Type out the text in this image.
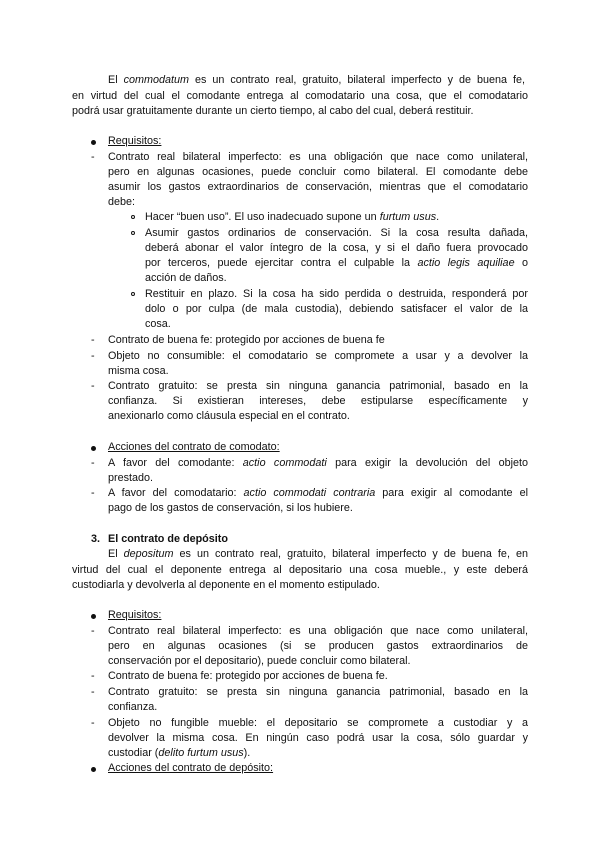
El commodatum es un contrato real, gratuito, bilateral imperfecto y de buena fe,
en virtud del cual el comodante entrega al comodatario una cosa, que el comodatario
podrá usar gratuitamente durante un cierto tiempo, al cabo del cual, deberá restituir.
Requisitos:
- Contrato real bilateral imperfecto: es una obligación que nace como unilateral,
pero en algunas ocasiones, puede concluir como bilateral. El comodante debe
asumir los gastos extraordinarios de conservación, mientras que el comodatario
debe:
Hacer “buen uso”. El uso inadecuado supone un furtum usus.
Asumir gastos ordinarios de conservación. Si la cosa resulta dañada,
deberá abonar el valor íntegro de la cosa, y si el daño fuera provocado
por terceros, puede ejercitar contra el culpable la actio legis aquiliae o
acción de daños.
Restituir en plazo. Si la cosa ha sido perdida o destruida, responderá por
dolo o por culpa (de mala custodia), debiendo satisfacer el valor de la
cosa.
- Contrato de buena fe: protegido por acciones de buena fe
- Objeto no consumible: el comodatario se compromete a usar y a devolver la
misma cosa.
- Contrato gratuito: se presta sin ninguna ganancia patrimonial, basado en la
confianza. Si existieran intereses, debe estipularse específicamente y
anexionarlo como cláusula especial en el contrato.
Acciones del contrato de comodato:
- A favor del comodante: actio commodati para exigir la devolución del objeto
prestado.
- A favor del comodatario: actio commodati contraria para exigir al comodante el
pago de los gastos de conservación, si los hubiere.
3. El contrato de depósito
El depositum es un contrato real, gratuito, bilateral imperfecto y de buena fe, en
virtud del cual el deponente entrega al depositario una cosa mueble., y este deberá
custodiarla y devolverla al deponente en el momento estipulado.
Requisitos:
- Contrato real bilateral imperfecto: es una obligación que nace como unilateral,
pero en algunas ocasiones (si se producen gastos extraordinarios de
conservación por el depositario), puede concluir como bilateral.
- Contrato de buena fe: protegido por acciones de buena fe.
- Contrato gratuito: se presta sin ninguna ganancia patrimonial, basado en la
confianza.
- Objeto no fungible mueble: el depositario se compromete a custodiar y a
devolver la misma cosa. En ningún caso podrá usar la cosa, sólo guardar y
custodiar (delito furtum usus).
Acciones del contrato de depósito:
